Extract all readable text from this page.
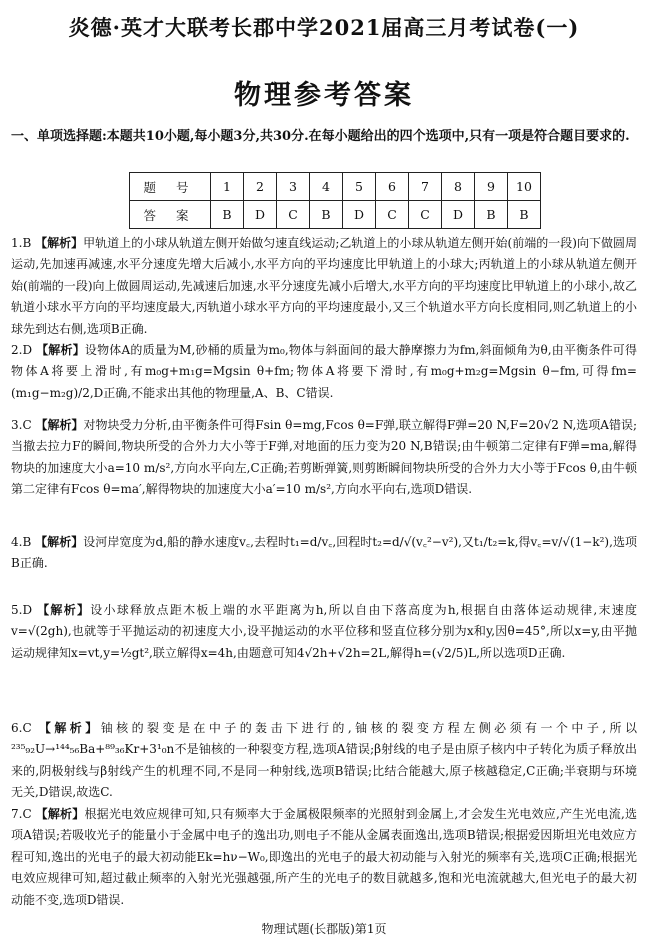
炎德·英才大联考长郡中学2021届高三月考试卷(一)
物理参考答案
一、单项选择题:本题共10小题,每小题3分,共30分.在每小题给出的四个选项中,只有一项是符合题目要求的.
题 号	1	2	3	4	5	6	7	8	9	10
答 案	B	D	C	B	D	C	C	D	B	B
1.B 【解析】甲轨道上的小球从轨道左侧开始做匀速直线运动;乙轨道上的小球从轨道左侧开始(前端的一段)向下做圆周运动,先加速再减速,水平分速度先增大后减小,水平方向的平均速度比甲轨道上的小球大;丙轨道上的小球从轨道左侧开始(前端的一段)向上做圆周运动,先减速后加速,水平分速度先减小后增大,水平方向的平均速度比甲轨道上的小球小,故乙轨道小球水平方向的平均速度最大,丙轨道小球水平方向的平均速度最小,又三个轨道水平方向长度相同,则乙轨道上的小球先到达右侧,选项B正确.
2.D 【解析】设物体A的质量为M,砂桶的质量为m₀,物体与斜面间的最大静摩擦力为fm,斜面倾角为θ,由平衡条件可得物体A将要上滑时,有m₀g+m₁g=Mgsin θ+fm;物体A将要下滑时,有m₀g+m₂g=Mgsin θ−fm,可得fm=(m₁g−m₂g)/2,D正确,不能求出其他的物理量,A、B、C错误.
3.C 【解析】对物块受力分析,由平衡条件可得Fsin θ=mg,Fcos θ=F弹,联立解得F弹=20 N,F=20√2 N,选项A错误;当撤去拉力F的瞬间,物块所受的合外力大小等于F弹,对地面的压力变为20 N,B错误;由牛顿第二定律有F弹=ma,解得物块的加速度大小a=10 m/s²,方向水平向左,C正确;若剪断弹簧,则剪断瞬间物块所受的合外力大小等于Fcos θ,由牛顿第二定律有Fcos θ=ma′,解得物块的加速度大小a′=10 m/s²,方向水平向右,选项D错误.
4.B 【解析】设河岸宽度为d,船的静水速度v꜀,去程时t₁=d/v꜀,回程时t₂=d/√(v꜀²−v²),又t₁/t₂=k,得v꜀=v/√(1−k²),选项B正确.
5.D 【解析】设小球释放点距木板上端的水平距离为h,所以自由下落高度为h,根据自由落体运动规律,末速度v=√(2gh),也就等于平抛运动的初速度大小,设平抛运动的水平位移和竖直位移分别为x和y,因θ=45°,所以x=y,由平抛运动规律知x=vt,y=½gt²,联立解得x=4h,由题意可知4√2h+√2h=2L,解得h=(√2/5)L,所以选项D正确.
6.C 【解析】铀核的裂变是在中子的轰击下进行的,铀核的裂变方程左侧必须有一个中子,所以²³⁵₉₂U→¹⁴⁴₅₆Ba+⁸⁹₃₆Kr+3¹₀n不是铀核的一种裂变方程,选项A错误;β射线的电子是由原子核内中子转化为质子释放出来的,阴极射线与β射线产生的机理不同,不是同一种射线,选项B错误;比结合能越大,原子核越稳定,C正确;半衰期与环境无关,D错误,故选C.
7.C 【解析】根据光电效应规律可知,只有频率大于金属极限频率的光照射到金属上,才会发生光电效应,产生光电流,选项A错误;若吸收光子的能量小于金属中电子的逸出功,则电子不能从金属表面逸出,选项B错误;根据爱因斯坦光电效应方程可知,逸出的光电子的最大初动能Ek=hν−W₀,即逸出的光电子的最大初动能与入射光的频率有关,选项C正确;根据光电效应规律可知,超过截止频率的入射光光强越强,所产生的光电子的数目就越多,饱和光电流就越大,但光电子的最大初动能不变,选项D错误.
物理试题(长郡版)第1页
